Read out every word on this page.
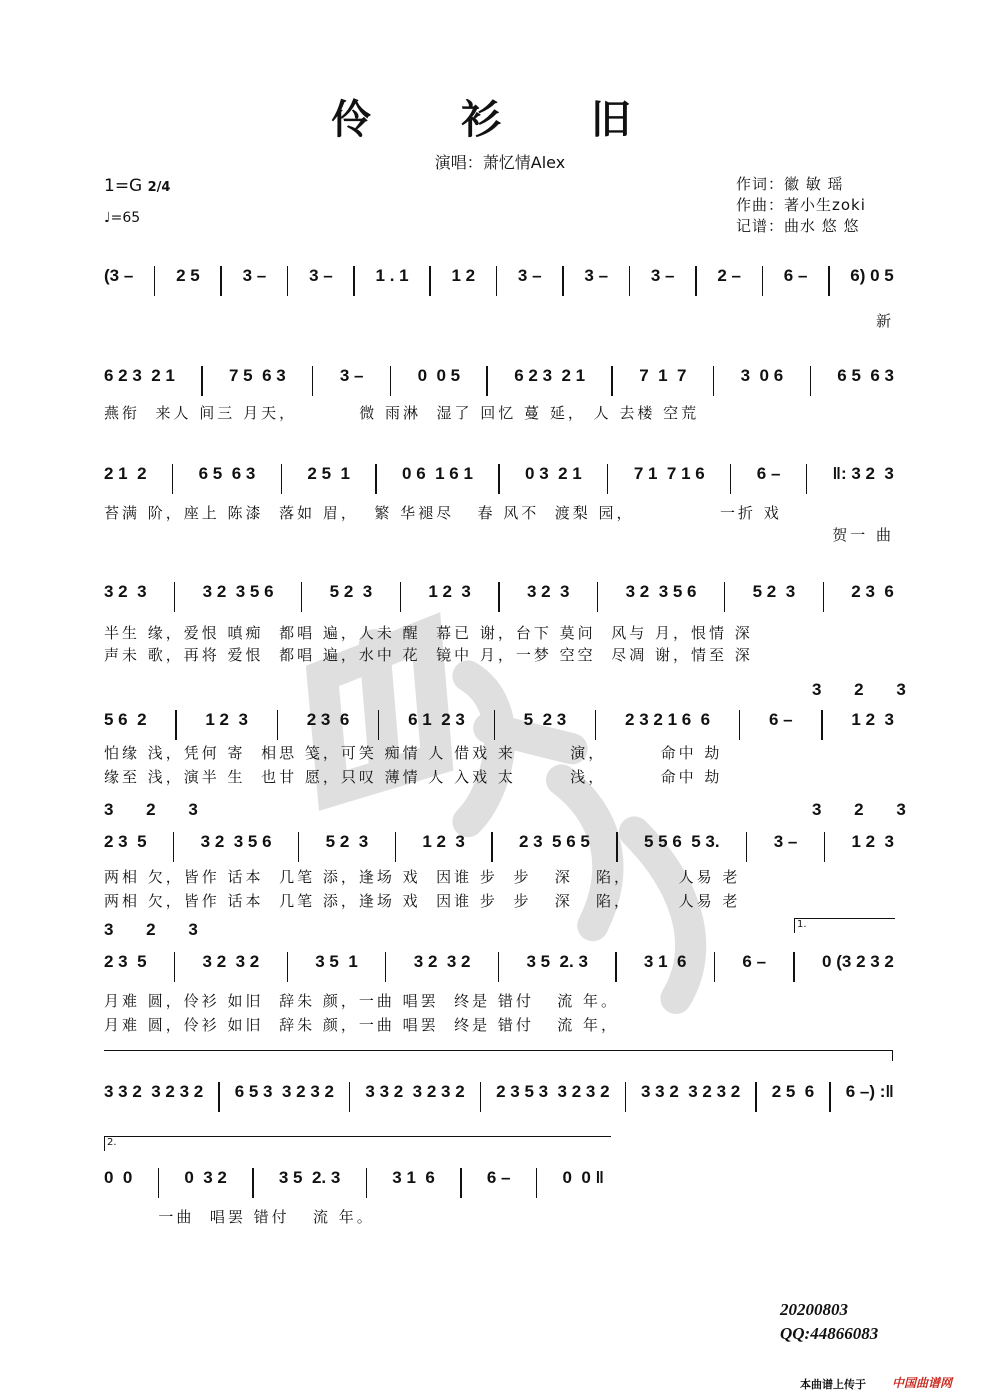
伶 衫 旧
演唱：萧忆情Alex
1=G 2/4
♩=65
作词：徽 敏 瑶
作曲：著小生zoki
记谱：曲水 悠 悠
(3 –	2 5	3 –	3 –	1 . 1	1 2	3 –	3 –	3 –	2 –	6 –	6) 0 5
新
6 2 3  2 1	7 5  6 3	3 –	0  0 5	6 2 3  2 1	7  1  7	3  0 6	6 5  6 3
燕衔  来人 间三 月天，        微 雨淋  湿了 回忆 蔓 延， 人 去楼 空荒
2 1  2	6 5  6 3	2 5  1	0 6  1 6 1	0 3  2 1	7 1  7 1 6	6 –	‖: 3 2  3
苔满 阶，座上 陈漆  落如 眉，  繁 华褪尽   春 风不  渡梨 园，           一折 戏
贺一 曲
3 2  3	3 2  3 5 6	5 2  3	1 2  3	3 2  3	3 2  3 5 6	5 2  3	2 3  6
半生 缘，爱恨 嗔痴  都唱 遍，人未 醒  幕已 谢，台下 莫问  风与 月，恨情 深
声未 歌，再将 爱恨  都唱 遍，水中 花  镜中 月，一梦 空空  尽凋 谢，情至 深
5 6  2	1 2  3	2 3  6	6 1  2 3	5  2 3	2 3 2 1 6  6	6 –	1 2  3
怕缘 浅，凭何 寄  相思 笺，可笑 痴情 人 借戏 来       演，       命中 劫
缘至 浅，演半 生  也甘 愿，只叹 薄情 人 入戏 太       浅，       命中 劫
2 3  5	3 2  3 5 6	5 2  3	1 2  3	2 3  5 6 5	5 5 6  5 3.	3 –	1 2  3
两相 欠，皆作 话本  几笔 添，逢场 戏  因谁 步  步   深   陷，      人易 老
两相 欠，皆作 话本  几笔 添，逢场 戏  因谁 步  步   深   陷，      人易 老
2 3  5	3 2  3 2	3 5  1	3 2  3 2	3 5  2. 3	3 1  6	6 –	0 (3 2 3 2
月难 圆，伶衫 如旧  辞朱 颜，一曲 唱罢  终是 错付   流 年。
月难 圆，伶衫 如旧  辞朱 颜，一曲 唱罢  终是 错付   流 年，
3 3 2  3 2 3 2 6 5 3  3 2 3 2 3 3 2  3 2 3 2 2 3 5 3  3 2 3 2 3 3 2  3 2 3 2 2 5  6 6 –) :‖
0  0	0  3 2	3 5  2. 3	3 1  6	6 –	0  0 ‖
一曲  唱罢 错付   流 年。
3 2 3
3 2 3	3 2 3
3 2 3	1.
2.
20200803
QQ:44866083
本曲谱上传于 中国曲谱网
